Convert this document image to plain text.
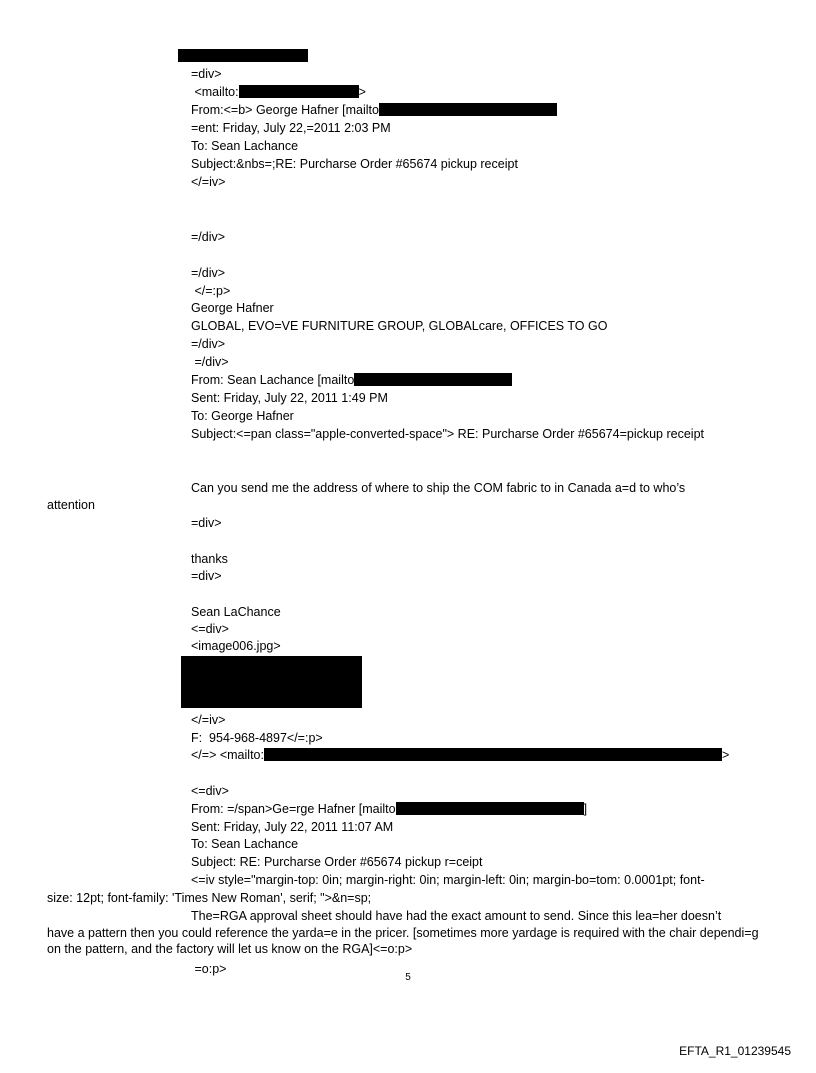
=div>
<mailto:	>
From:<=b> George Hafner [mailto
=ent: Friday, July 22,=2011 2:03 PM
To: Sean Lachance
Subject:&nbs=;RE: Purcharse Order #65674 pickup receipt
</=iv>
=/div>
=/div>
</=:p>
George Hafner
GLOBAL, EVO=VE FURNITURE GROUP, GLOBALcare, OFFICES TO GO
=/div>
=/div>
From: Sean Lachance [mailto
Sent: Friday, July 22, 2011 1:49 PM
To: George Hafner
Subject:<=pan class="apple-converted-space"> RE: Purcharse Order #65674=pickup receipt
Can you send me the address of where to ship the COM fabric to in Canada a=d to who’s
attention
=div>
thanks
=div>
Sean LaChance
<=div>
<image006.jpg>
</=iv>
F:  954-968-4897</=:p>
</=> <mailto:	>
<=div>
From: =/span>Ge=rge Hafner [mailto	]
Sent: Friday, July 22, 2011 11:07 AM
To: Sean Lachance
Subject: RE: Purcharse Order #65674 pickup r=ceipt
<=iv style="margin-top: 0in; margin-right: 0in; margin-left: 0in; margin-bo=tom: 0.0001pt; font-
size: 12pt; font-family: 'Times New Roman', serif; ">&n=sp;
The=RGA approval sheet should have had the exact amount to send. Since this lea=her doesn’t
have a pattern then you could reference the yarda=e in the pricer. [sometimes more yardage is required with the chair dependi=g on the pattern, and the factory will let us know on the RGA]<=o:p>
=o:p>
5
EFTA_R1_01239545
